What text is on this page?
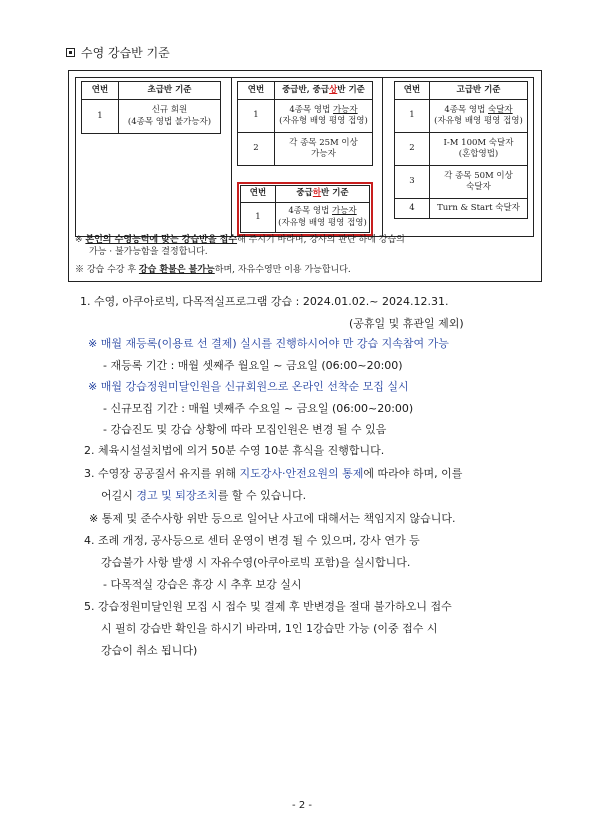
수영 강습반 기준
연번	초급반 기준
1	신규 회원
(4종목 영법 불가능자)
연번	중급반, 중급상반 기준
1	4종목 영법 가능자
(자유형 배영 평영 접영)

2	각 종목 25M 이상
가능자
연번	중급하반 기준
1	4종목 영법 가능자
(자유형 배영 평영 접영)
연번	고급반 기준
1	4종목 영법 숙달자
(자유형 배영 평영 접영)

2	I-M 100M 숙달자
(혼합영법)

3	각 종목 50M 이상
숙달자

4	Turn & Start 숙달자
※ 본인의 수영능력에 맞는 강습반을 접수해 주시기 바라며, 강사의 판단 하에 강습의
가능 · 불가능함을 결정합니다.
※ 강습 수강 후 강습 환불은 불가능하며, 자유수영만 이용 가능합니다.
1. 수영, 아쿠아로빅, 다목적실프로그램 강습 : 2024.01.02.~ 2024.12.31.
(공휴일 및 휴관일 제외)
※ 매월 재등록(이용료 선 결제) 실시를 진행하시어야 만 강습 지속참여 가능
- 재등록 기간 : 매월 셋째주 월요일 ~ 금요일 (06:00~20:00)
※ 매월 강습정원미달인원을 신규회원으로 온라인 선착순 모집 실시
- 신규모집 기간 : 매월 넷째주 수요일 ~ 금요일 (06:00~20:00)
- 강습진도 및 강습 상황에 따라 모집인원은 변경 될 수 있음
2. 체육시설설치법에 의거 50분 수영 10분 휴식을 진행합니다.
3. 수영장 공공질서 유지를 위해 지도강사·안전요원의 통제에 따라야 하며, 이를
어길시 경고 및 퇴장조치를 할 수 있습니다.
※ 통제 및 준수사항 위반 등으로 일어난 사고에 대해서는 책임지지 않습니다.
4. 조례 개정, 공사등으로 센터 운영이 변경 될 수 있으며, 강사 연가 등
강습불가 사항 발생 시 자유수영(아쿠아로빅 포함)을 실시합니다.
- 다목적실 강습은 휴강 시 추후 보강 실시
5. 강습정원미달인원 모집 시 접수 및 결제 후 반변경을 절대 불가하오니 접수
시 필히 강습반 확인을 하시기 바라며, 1인 1강습만 가능 (이중 접수 시
강습이 취소 됩니다)
- 2 -
